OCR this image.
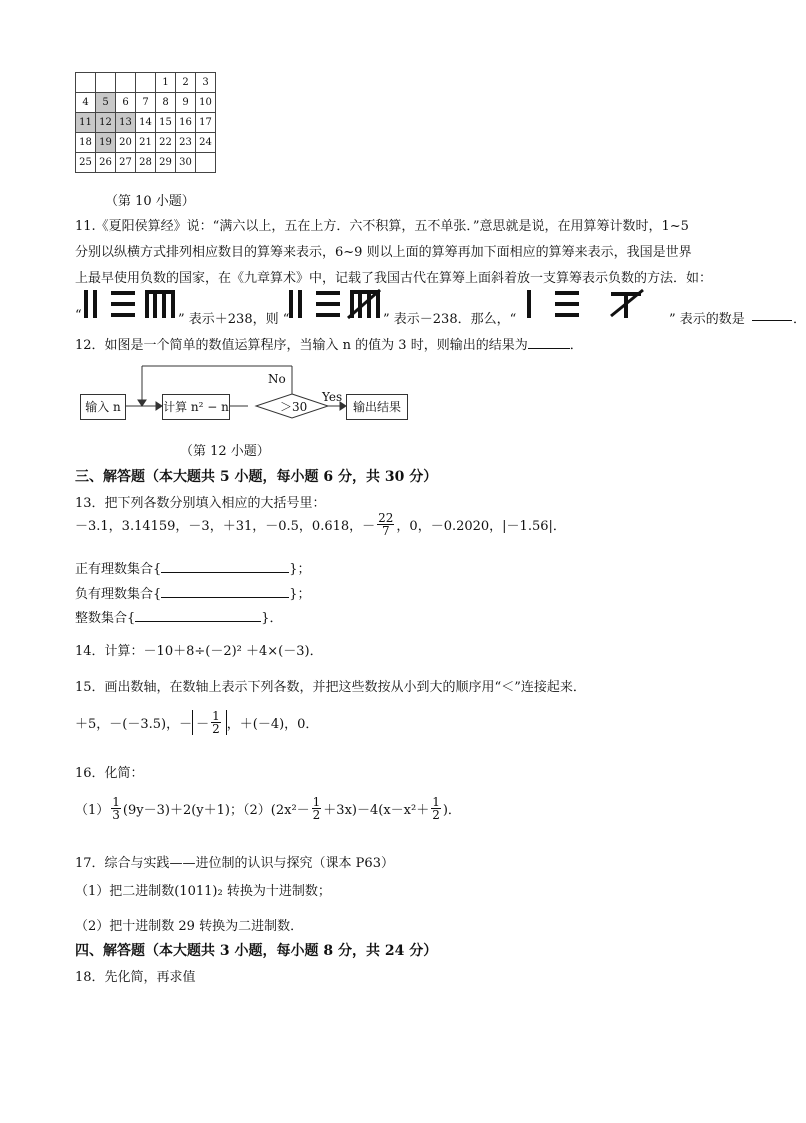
				1	2	3
4	5	6	7	8	9	10
11	12	13	14	15	16	17
18	19	20	21	22	23	24
25	26	27	28	29	30	
（第 10 小题）
11.《夏阳侯算经》说：“满六以上，五在上方．六不积算，五不单张．”意思就是说，在用算筹计数时，1~5
分别以纵横方式排列相应数目的算筹来表示，6~9 则以上面的算筹再加下面相应的算筹来表示，我国是世界
上最早使用负数的国家，在《九章算术》中，记载了我国古代在算筹上面斜着放一支算筹表示负数的方法．如：
“	” 表示＋238，则 “	” 表示－238．那么，“	” 表示的数是	．
12．如图是一个简单的数值运算程序，当输入 n 的值为 3 时，则输出的结果为	．
输入 n	计算 n² − n	＞30
No
Yes
输出结果
（第 12 小题）
三、解答题（本大题共 5 小题，每小题 6 分，共 30 分）
13．把下列各数分别填入相应的大括号里：
－3.1，3.14159，－3，＋31，－0.5，0.618，－ $\frac{22}{7}$ ，0，－0.2020，|－1.56|．
正有理数集合{	}；
负有理数集合{	}；
整数集合{	}．
14．计算：－10＋8÷(－2)² ＋4×(－3)．
15．画出数轴，在数轴上表示下列各数，并把这些数按从小到大的顺序用“＜”连接起来．
＋5，－(－3.5)，－ － $\frac{1}{2}$ ，＋(－4)，0．
16．化简：
$(1) \frac{1}{3} (9y-3)+2(y+1)$；$(2)(2x^2- \frac{1}{2} +3x)-4(x-x^2+ \frac{1}{2}$ )．
17．综合与实践——进位制的认识与探究（课本 P63）
（1）把二进制数(1011)₂ 转换为十进制数；
（2）把十进制数 29 转换为二进制数．
四、解答题（本大题共 3 小题，每小题 8 分，共 24 分）
18．先化简，再求值
